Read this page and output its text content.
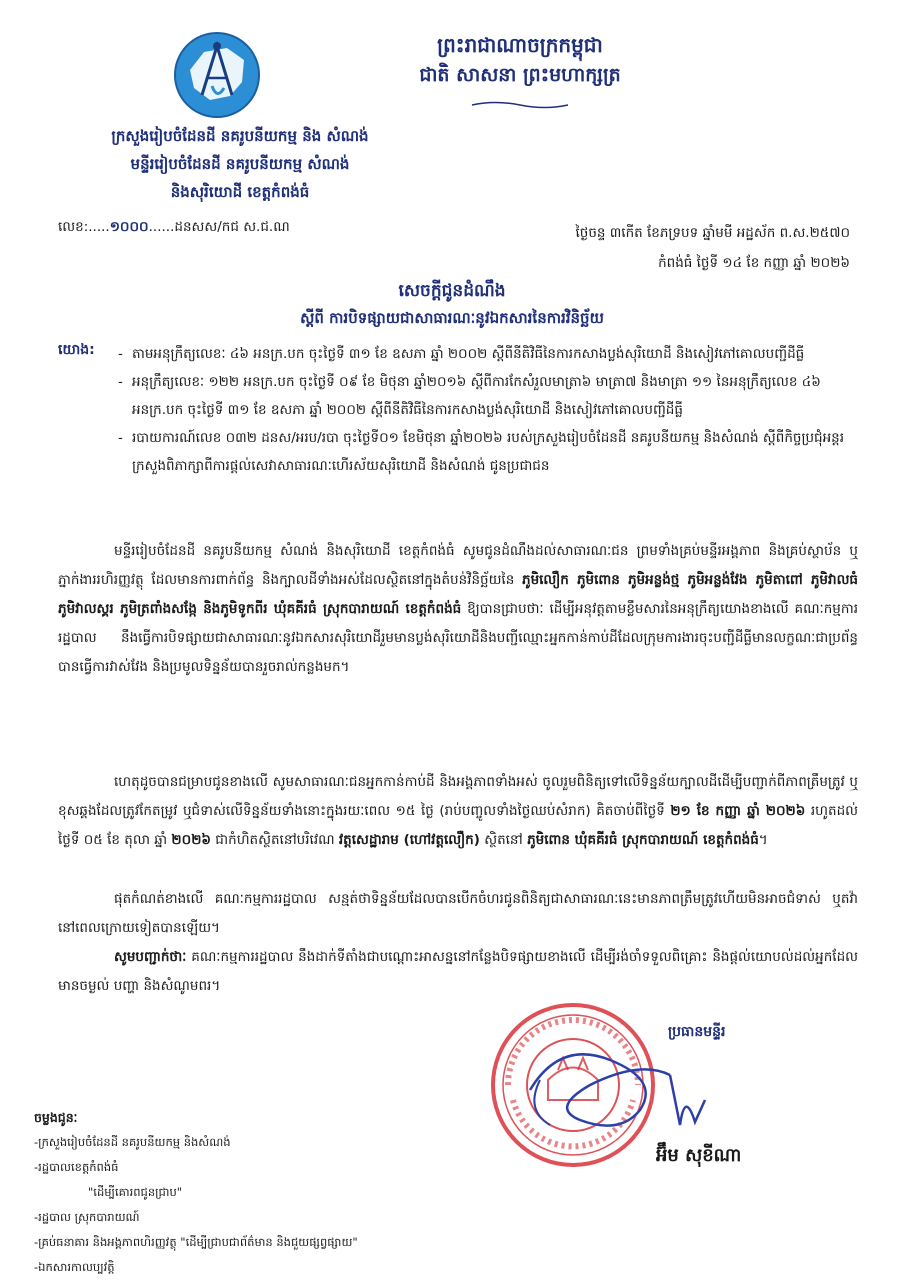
ព្រះរាជាណាចក្រកម្ពុជា
ជាតិ សាសនា ព្រះមហាក្សត្រ
ក្រសួងរៀបចំដែនដី នគរូបនីយកម្ម និង សំណង់
មន្ទីររៀបចំដែនដី នគរូបនីយកម្ម សំណង់
និងសុរិយោដី ខេត្តកំពង់ធំ
លេខ:.....១០០០......ដនសស/កជ ស.ជ.ណ	ថ្ងៃចន្ទ ៣កើត ខែភទ្របទ ឆ្នាំមមី អដ្ឋស័ក ព.ស.២៥៧០
កំពង់ធំ ថ្ងៃទី ១៤ ខែ កញ្ញា ឆ្នាំ ២០២៦
សេចក្តីជូនដំណឹង
ស្តីពី ការបិទផ្សាយជាសាធារណៈនូវឯកសារនៃការវិនិច្ឆ័យ
យោង:
-	តាមអនុក្រឹត្យលេខៈ ៤៦ អនក្រ.បក ចុះថ្ងៃទី ៣១ ខែ ឧសភា ឆ្នាំ ២០០២ ស្តីពីនីតិវិធីនៃការកសាងប្លង់សុរិយោដី និងសៀវភៅគោលបញ្ជីដីធ្លី
- អនុក្រឹត្យលេខៈ ១២២ អនក្រ.បក ចុះថ្ងៃទី ០៩ ខែ មិថុនា ឆ្នាំ២០១៦ ស្តីពីការកែសំរួលមាត្រា៦ មាត្រា៧ និងមាត្រា ១១ នៃអនុក្រឹត្យលេខ ៤៦ អនក្រ.បក ចុះថ្ងៃទី ៣១ ខែ ឧសភា ឆ្នាំ ២០០២ ស្តីពីនីតិវិធីនៃការកសាងប្លង់សុរិយោដី និងសៀវភៅគោលបញ្ជីដីធ្លី
- របាយការណ៍លេខ ០៣២ ដនស/អរប/របា ចុះថ្ងៃទី០១ ខែមិថុនា ឆ្នាំ២០២៦ របស់ក្រសួងរៀបចំដែនដី នគរូបនីយកម្ម និងសំណង់ ស្តីពីកិច្ចប្រជុំអន្តរក្រសួងពិភាក្សាពីការផ្តល់សេវាសាធារណៈហើរស័យសុរិយោដី និងសំណង់ ជូនប្រជាជន

មន្ទីររៀបចំដែនដី នគរូបនីយកម្ម សំណង់ និងសុរិយោដី ខេត្តកំពង់ធំ សូមជូនដំណឹងដល់សាធារណៈជន ព្រមទាំងគ្រប់មន្ទីរអង្គភាព និងគ្រប់ស្ថាប័ន ឬភ្នាក់ងាររហិរញ្ញវត្ថុ ដែលមានការពាក់ព័ន្ធ និងក្បាលដីទាំងអស់ដែលស្ថិតនៅក្នុងតំបន់វិនិច្ឆ័យនៃ ភូមិលឿក ភូមិពោន ភូមិអន្លង់ថ្ម ភូមិអន្លង់វែង ភូមិតាពៅ ភូមិវាលធំ ភូមិវាលស្គរ ភូមិត្រពាំងសង្កែ និងភូមិទូកពីរ ឃុំគគីរធំ ស្រុកបារាយណ៍ ខេត្តកំពង់ធំ ឱ្យបានជ្រាបថាៈ ដើម្បីអនុវត្តតាមខ្លឹមសារនៃអនុក្រឹត្យយោងខាងលើ គណៈកម្មការរដ្ឋបាល នឹងធ្វើការបិទផ្សាយជាសាធារណៈនូវឯកសារសុរិយោដីរួមមានប្លង់សុរិយោដីនិងបញ្ជីឈ្មោះអ្នកកាន់កាប់ដីដែលក្រុមការងារចុះបញ្ជីដីធ្លីមានលក្ខណៈជាប្រព័ន្ធបានធ្វើការវាស់វែង និងប្រមូលទិន្នន័យបានរួចរាល់កន្លងមក។

ហេតុដូចបានជម្រាបជូនខាងលើ សូមសាធារណៈជនអ្នកកាន់កាប់ដី និងអង្គភាពទាំងអស់ ចូលរួមពិនិត្យទៅលើទិន្នន័យក្បាលដីដើម្បីបញ្ជាក់ពីភាពត្រឹមត្រូវ ឬខុសឆ្គងដែលត្រូវកែតម្រូវ ឬជំទាស់លើទិន្នន័យទាំងនោះក្នុងរយៈពេល ១៥ ថ្ងៃ (រាប់បញ្ចូលទាំងថ្ងៃឈប់សំរាក) គិតចាប់ពីថ្ងៃទី ២១ ខែ កញ្ញា ឆ្នាំ ២០២៦ រហូតដល់ថ្ងៃទី ០៥ ខែ តុលា ឆ្នាំ ២០២៦ ជាកំហិតស្ថិតនៅបរិវេណ វត្តសេដ្ឋារាម (ហៅវត្តលឿក) ស្ថិតនៅ ភូមិពោន ឃុំគគីរធំ ស្រុកបារាយណ៍ ខេត្តកំពង់ធំ។

ផុតកំណត់ខាងលើ គណៈកម្មការរដ្ឋបាល សន្មត់ថាទិន្នន័យដែលបានបើកចំហរជូនពិនិត្យជាសាធារណៈនេះមានភាពត្រឹមត្រូវហើយមិនអាចជំទាស់ ឬតវ៉ានៅពេលក្រោយទៀតបានឡើយ។

សូមបញ្ជាក់ថាៈ គណៈកម្មការរដ្ឋបាល នឹងដាក់ទីតាំងជាបណ្តោះអាសន្ននៅកន្លែងបិទផ្សាយខាងលើ ដើម្បីរង់ចាំទទួលពិគ្រោះ និងផ្តល់យោបល់ដល់អ្នកដែលមានចម្ងល់ បញ្ហា និងសំណូមពរ។

ប្រធានមន្ទីរ
អ៊ឹម សុខីណា
ចម្លងជូនៈ
-ក្រសួងរៀបចំដែនដី នគរូបនីយកម្ម និងសំណង់
-រដ្ឋបាលខេត្តកំពង់ធំ
"ដើម្បីគោរពជូនជ្រាប"
-រដ្ឋបាល ស្រុកបារាយណ៍
-គ្រប់ធនាគារ និងអង្គភាពហិរញ្ញវត្ថុ "ដើម្បីជ្រាបជាព័ត៌មាន និងជួយផ្សព្វផ្សាយ"
-ឯកសារកាលប្បវត្តិ
